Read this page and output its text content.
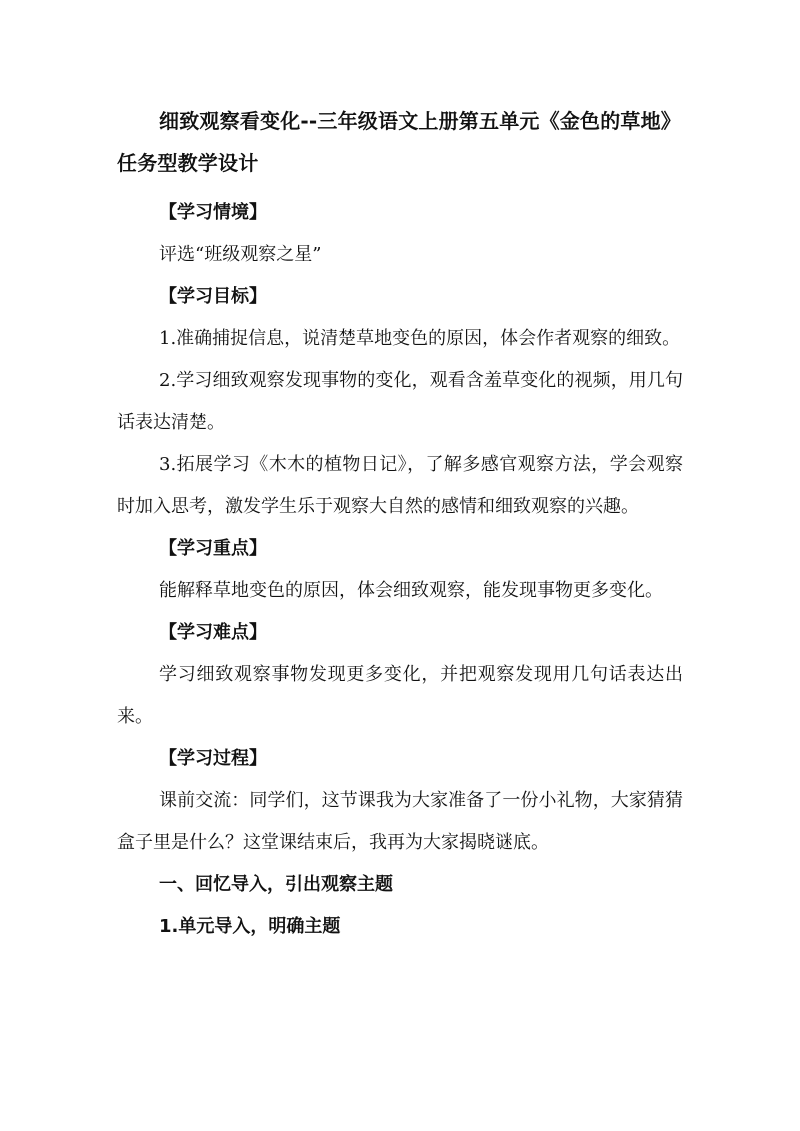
细致观察看变化--三年级语文上册第五单元《金色的草地》任务型教学设计

【学习情境】

评选“班级观察之星”

【学习目标】

1.准确捕捉信息，说清楚草地变色的原因，体会作者观察的细致。

2.学习细致观察发现事物的变化，观看含羞草变化的视频，用几句话表达清楚。

3.拓展学习《木木的植物日记》，了解多感官观察方法，学会观察时加入思考，激发学生乐于观察大自然的感情和细致观察的兴趣。

【学习重点】

能解释草地变色的原因，体会细致观察，能发现事物更多变化。

【学习难点】

学习细致观察事物发现更多变化，并把观察发现用几句话表达出来。

【学习过程】

课前交流：同学们，这节课我为大家准备了一份小礼物，大家猜猜盒子里是什么？这堂课结束后，我再为大家揭晓谜底。

一、回忆导入，引出观察主题

1.单元导入，明确主题
